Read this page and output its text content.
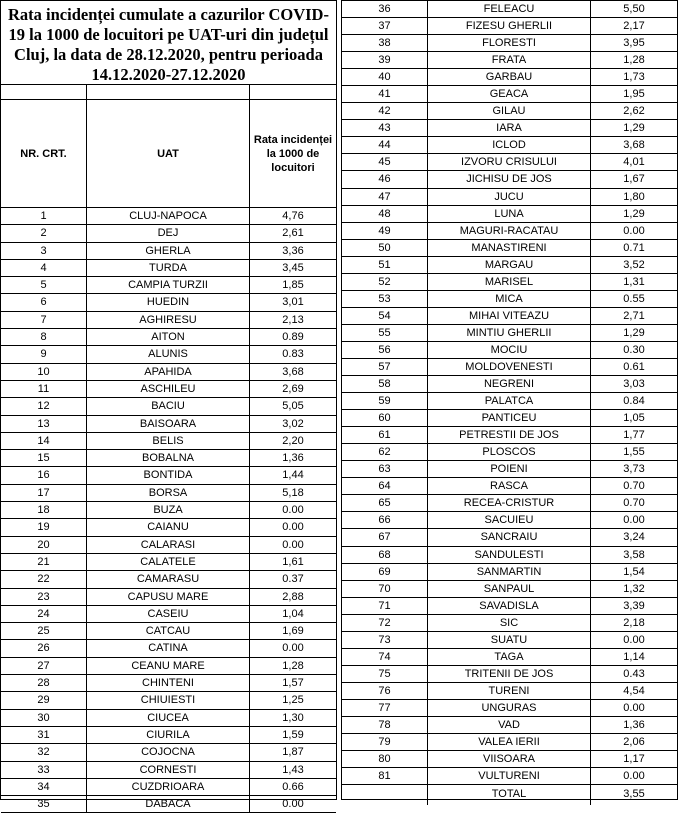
Rata incidenței cumulate a cazurilor COVID-19 la 1000 de locuitori pe UAT-uri din județul Cluj, la data de 28.12.2020, pentru perioada 14.12.2020-27.12.2020
NR. CRT.	UAT
Rata incidenței la 1000 de locuitori
1	CLUJ-NAPOCA	4,76
2	DEJ	2,61
3	GHERLA	3,36
4	TURDA	3,45
5	CAMPIA TURZII	1,85
6	HUEDIN	3,01
7	AGHIRESU	2,13
8	AITON	0.89
9	ALUNIS	0.83
10	APAHIDA	3,68
11	ASCHILEU	2,69
12	BACIU	5,05
13	BAISOARA	3,02
14	BELIS	2,20
15	BOBALNA	1,36
16	BONTIDA	1,44
17	BORSA	5,18
18	BUZA	0.00
19	CAIANU	0.00
20	CALARASI	0.00
21	CALATELE	1,61
22	CAMARASU	0.37
23	CAPUSU MARE	2,88
24	CASEIU	1,04
25	CATCAU	1,69
26	CATINA	0.00
27	CEANU MARE	1,28
28	CHINTENI	1,57
29	CHIUIESTI	1,25
30	CIUCEA	1,30
31	CIURILA	1,59
32	COJOCNA	1,87
33	CORNESTI	1,43
34	CUZDRIOARA	0.66
35	DABACA	0.00
36	FELEACU	5,50
37	FIZESU GHERLII	2,17
38	FLORESTI	3,95
39	FRATA	1,28
40	GARBAU	1,73
41	GEACA	1,95
42	GILAU	2,62
43	IARA	1,29
44	ICLOD	3,68
45	IZVORU CRISULUI	4,01
46	JICHISU DE JOS	1,67
47	JUCU	1,80
48	LUNA	1,29
49	MAGURI-RACATAU	0.00
50	MANASTIRENI	0.71
51	MARGAU	3,52
52	MARISEL	1,31
53	MICA	0.55
54	MIHAI VITEAZU	2,71
55	MINTIU GHERLII	1,29
56	MOCIU	0.30
57	MOLDOVENESTI	0.61
58	NEGRENI	3,03
59	PALATCA	0.84
60	PANTICEU	1,05
61	PETRESTII DE JOS	1,77
62	PLOSCOS	1,55
63	POIENI	3,73
64	RASCA	0.70
65	RECEA-CRISTUR	0.70
66	SACUIEU	0.00
67	SANCRAIU	3,24
68	SANDULESTI	3,58
69	SANMARTIN	1,54
70	SANPAUL	1,32
71	SAVADISLA	3,39
72	SIC	2,18
73	SUATU	0.00
74	TAGA	1,14
75	TRITENII DE JOS	0.43
76	TURENI	4,54
77	UNGURAS	0.00
78	VAD	1,36
79	VALEA IERII	2,06
80	VIISOARA	1,17
81	VULTURENI	0.00
TOTAL	3,55
